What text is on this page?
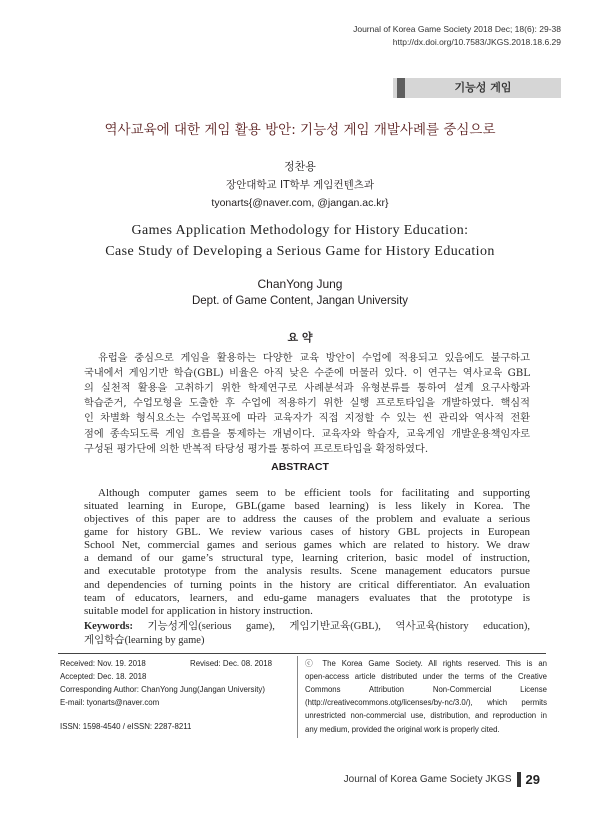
Journal of Korea Game Society 2018 Dec; 18(6): 29-38
http://dx.doi.org/10.7583/JKGS.2018.18.6.29
기능성 게임
역사교육에 대한 게임 활용 방안: 기능성 게임 개발사례를 중심으로
정찬용
장안대학교 IT학부 게임컨텐츠과
tyonarts{@naver.com, @jangan.ac.kr}
Games Application Methodology for History Education:
Case Study of Developing a Serious Game for History Education
ChanYong Jung
Dept. of Game Content, Jangan University
요 약
유럽을 중심으로 게임을 활용하는 다양한 교육 방안이 수업에 적용되고 있음에도 불구하고
국내에서 게임기반 학습(GBL) 비율은 아직 낮은 수준에 머물러 있다. 이 연구는 역사교육 GBL
의 실천적 활용을 고취하기 위한 학제연구로 사례분석과 유형분류를 통하여 설계 요구사항과
학습준거, 수업모형을 도출한 후 수업에 적용하기 위한 실행 프로토타입을 개발하였다. 핵심적
인 차별화 형식요소는 수업목표에 따라 교육자가 직접 지정할 수 있는 씬 관리와 역사적 전환
점에 종속되도록 게임 흐름을 통제하는 개념이다. 교육자와 학습자, 교육게임 개발운용책임자로
구성된 평가단에 의한 반복적 타당성 평가를 통하여 프로토타입을 확정하였다.
ABSTRACT
Although computer games seem to be efficient tools for facilitating and supporting
situated learning in Europe, GBL(game based learning) is less likely in Korea. The
objectives of this paper are to address the causes of the problem and evaluate a serious
game for history GBL. We review various cases of history GBL projects in European
School Net, commercial games and serious games which are related to history. We draw
a demand of our game’s structural type, learning criterion, basic model of instruction,
and executable prototype from the analysis results. Scene management educators pursue
and dependencies of turning points in the history are critical differentiator. An evaluation
team of educators, learners, and edu-game managers evaluates that the prototype is
suitable model for application in history instruction.
Keywords: 기능성게임(serious game), 게임기반교육(GBL), 역사교육(history education),
게임학습(learning by game)
Received: Nov. 19. 2018	Revised: Dec. 08. 2018
Accepted: Dec. 18. 2018
Corresponding Author: ChanYong Jung(Jangan University)
E-mail: tyonarts@naver.com
ISSN: 1598-4540 / eISSN: 2287-8211
ⓒ The Korea Game Society. All rights reserved. This is an
open-access article distributed under the terms of the Creative
Commons Attribution Non-Commercial License
(http://creativecommons.otg/licenses/by-nc/3.0/), which permits
unrestricted non-commercial use, distribution, and reproduction in
any medium, provided the original work is properly cited.
Journal of Korea Game Society JKGS 29
